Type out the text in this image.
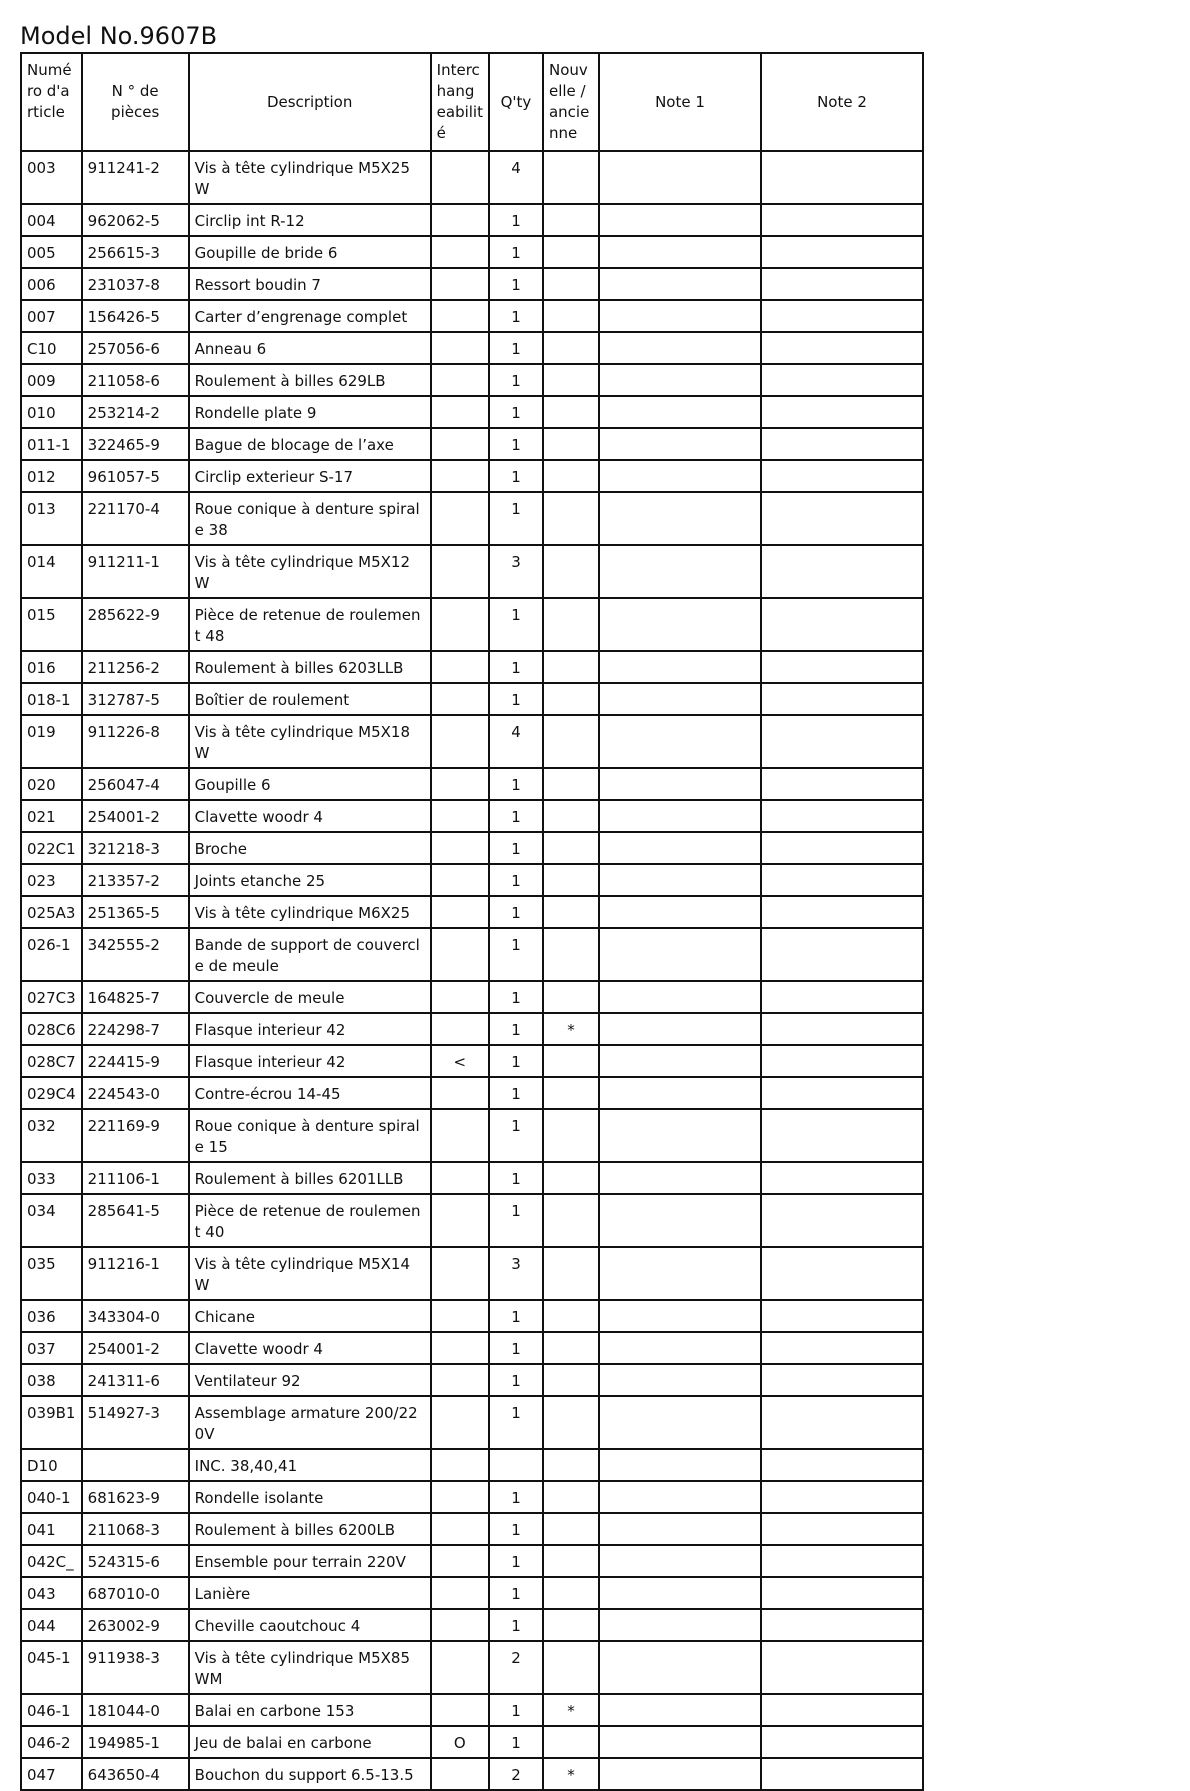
Model No.9607B
Numé ro d'a rticle	N ° de pièces	Description	Interc hang eabilit é	Q'ty	Nouv elle / ancie nne	Note 1	Note 2
003	911241-2	Vis à tête cylindrique M5X25 W		4			
004	962062-5	Circlip int R-12		1			
005	256615-3	Goupille de bride 6		1			
006	231037-8	Ressort boudin 7		1			
007	156426-5	Carter d’engrenage complet		1			
C10	257056-6	Anneau 6		1			
009	211058-6	Roulement à billes 629LB		1			
010	253214-2	Rondelle plate 9		1			
011-1	322465-9	Bague de blocage de l’axe		1			
012	961057-5	Circlip exterieur S-17		1			
013	221170-4	Roue conique à denture spirale 38		1			
014	911211-1	Vis à tête cylindrique M5X12 W		3			
015	285622-9	Pièce de retenue de roulement 48		1			
016	211256-2	Roulement à billes 6203LLB		1			
018-1	312787-5	Boîtier de roulement		1			
019	911226-8	Vis à tête cylindrique M5X18 W		4			
020	256047-4	Goupille 6		1			
021	254001-2	Clavette woodr 4		1			
022C1	321218-3	Broche		1			
023	213357-2	Joints etanche 25		1			
025A3	251365-5	Vis à tête cylindrique M6X25		1			
026-1	342555-2	Bande de support de couvercle de meule		1			
027C3	164825-7	Couvercle de meule		1			
028C6	224298-7	Flasque interieur 42		1	*		
028C7	224415-9	Flasque interieur 42	<	1			
029C4	224543-0	Contre-écrou 14-45		1			
032	221169-9	Roue conique à denture spirale 15		1			
033	211106-1	Roulement à billes 6201LLB		1			
034	285641-5	Pièce de retenue de roulement 40		1			
035	911216-1	Vis à tête cylindrique M5X14 W		3			
036	343304-0	Chicane		1			
037	254001-2	Clavette woodr 4		1			
038	241311-6	Ventilateur 92		1			
039B1	514927-3	Assemblage armature 200/220V		1			
D10		INC. 38,40,41					
040-1	681623-9	Rondelle isolante		1			
041	211068-3	Roulement à billes 6200LB		1			
042C_	524315-6	Ensemble pour terrain 220V		1			
043	687010-0	Lanière		1			
044	263002-9	Cheville caoutchouc 4		1			
045-1	911938-3	Vis à tête cylindrique M5X85 WM		2			
046-1	181044-0	Balai en carbone 153		1	*		
046-2	194985-1	Jeu de balai en carbone	O	1			
047	643650-4	Bouchon du support 6.5-13.5		2	*		
